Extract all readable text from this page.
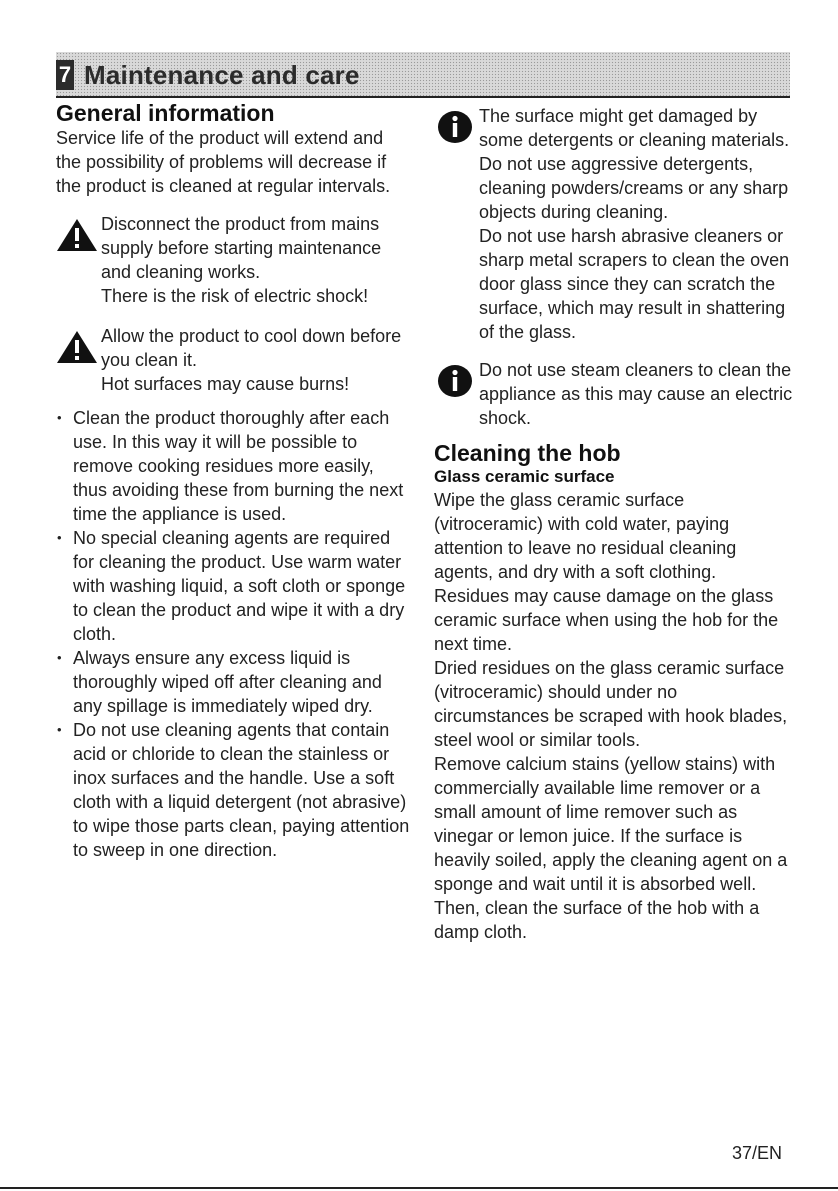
7 Maintenance and care
General information

Service life of the product will extend and the possibility of problems will decrease if the product is cleaned at regular intervals.

Disconnect the product from mains supply before starting maintenance and cleaning works.

There is the risk of electric shock!

Allow the product to cool down before you clean it.

Hot surfaces may cause burns!

• Clean the product thoroughly after each use. In this way it will be possible to remove cooking residues more easily, thus avoiding these from burning the next time the appliance is used.
• No special cleaning agents are required for cleaning the product. Use warm water with washing liquid, a soft cloth or sponge to clean the product and wipe it with a dry cloth.
• Always ensure any excess liquid is thoroughly wiped off after cleaning and any spillage is immediately wiped dry.
• Do not use cleaning agents that contain acid or chloride to clean the stainless or inox surfaces and the handle. Use a soft cloth with a liquid detergent (not abrasive) to wipe those parts clean, paying attention to sweep in one direction.

The surface might get damaged by some detergents or cleaning materials.

Do not use aggressive detergents, cleaning powders/creams or any sharp objects during cleaning.

Do not use harsh abrasive cleaners or sharp metal scrapers to clean the oven door glass since they can scratch the surface, which may result in shattering of the glass.

Do not use steam cleaners to clean the appliance as this may cause an electric shock.

Cleaning the hob
Glass ceramic surface

Wipe the glass ceramic surface (vitroceramic) with cold water, paying attention to leave no residual cleaning agents, and dry with a soft clothing. Residues may cause damage on the glass ceramic surface when using the hob for the next time.

Dried residues on the glass ceramic surface (vitroceramic) should under no circumstances be scraped with hook blades, steel wool or similar tools.

Remove calcium stains (yellow stains) with commercially available lime remover or a small amount of lime remover such as vinegar or lemon juice. If the surface is heavily soiled, apply the cleaning agent on a sponge and wait until it is absorbed well. Then, clean the surface of the hob with a damp cloth.

37/EN
